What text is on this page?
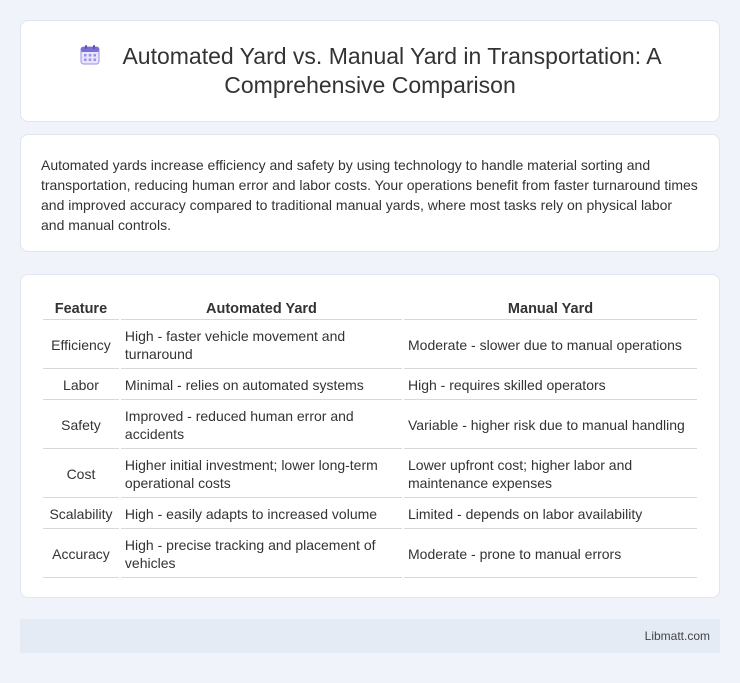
Automated Yard vs. Manual Yard in Transportation: A Comprehensive Comparison

Automated yards increase efficiency and safety by using technology to handle material sorting and transportation, reducing human error and labor costs. Your operations benefit from faster turnaround times and improved accuracy compared to traditional manual yards, where most tasks rely on physical labor and manual controls.

Feature	Automated Yard	Manual Yard
Efficiency	High - faster vehicle movement and turnaround	Moderate - slower due to manual operations
Labor	Minimal - relies on automated systems	High - requires skilled operators
Safety	Improved - reduced human error and accidents	Variable - higher risk due to manual handling
Cost	Higher initial investment; lower long-term operational costs	Lower upfront cost; higher labor and maintenance expenses
Scalability	High - easily adapts to increased volume	Limited - depends on labor availability
Accuracy	High - precise tracking and placement of vehicles	Moderate - prone to manual errors
Libmatt.com
